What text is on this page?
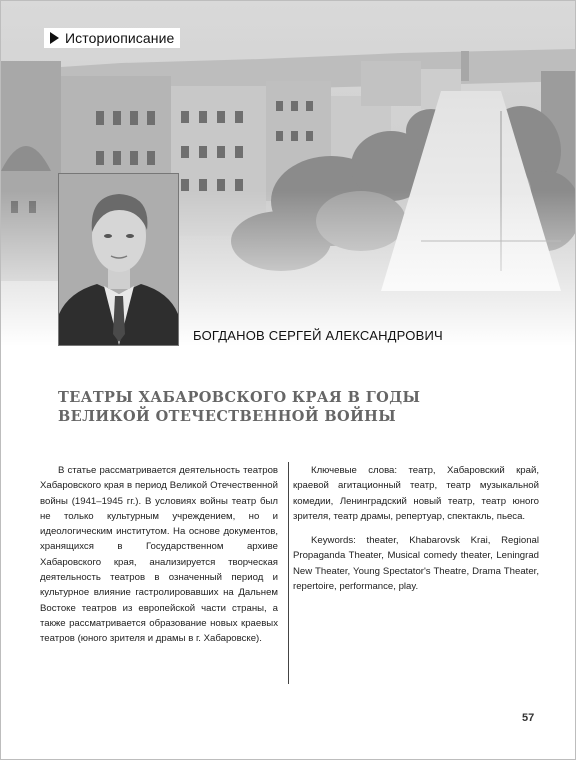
Историописание
БОГДАНОВ СЕРГЕЙ АЛЕКСАНДРОВИЧ
ТЕАТРЫ ХАБАРОВСКОГО КРАЯ В ГОДЫ
ВЕЛИКОЙ ОТЕЧЕСТВЕННОЙ ВОЙНЫ

В статье рассматривается деятельность театров Хабаровского края в период Великой Отечественной войны (1941–1945 гг.). В условиях войны театр был не только культурным учреждением, но и идеологическим институтом. На основе документов, хранящихся в Государственном архиве Хабаровского края, анализируется творческая деятельность театров в означенный период и культурное влияние гастролировавших на Дальнем Востоке театров из европейской части страны, а также рассматривается образование новых краевых театров (юного зрителя и драмы в г. Хабаровске).

Ключевые слова: театр, Хабаровский край, краевой агитационный театр, театр музыкальной комедии, Ленинградский новый театр, театр юного зрителя, театр драмы, репертуар, спектакль, пьеса.

Keywords: theater, Khabarovsk Krai, Regional Propaganda Theater, Musical comedy theater, Leningrad New Theater, Young Spectator's Theatre, Drama Theater, repertoire, performance, play.

57
